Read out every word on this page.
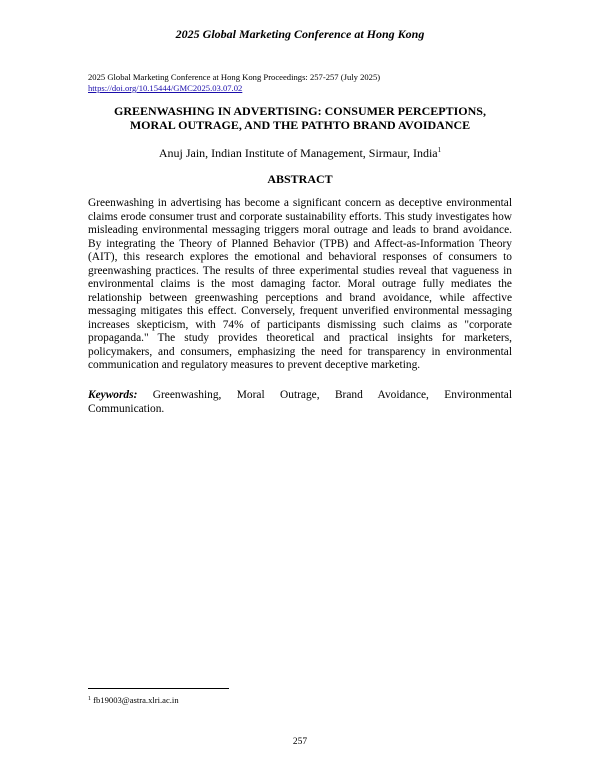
2025 Global Marketing Conference at Hong Kong
2025 Global Marketing Conference at Hong Kong Proceedings: 257-257 (July 2025)
https://doi.org/10.15444/GMC2025.03.07.02
GREENWASHING IN ADVERTISING: CONSUMER PERCEPTIONS,
MORAL OUTRAGE, AND THE PATHTO BRAND AVOIDANCE
Anuj Jain, Indian Institute of Management, Sirmaur, India$^1$
ABSTRACT
Greenwashing in advertising has become a significant concern as deceptive environmental claims erode consumer trust and corporate sustainability efforts. This study investigates how misleading environmental messaging triggers moral outrage and leads to brand avoidance. By integrating the Theory of Planned Behavior (TPB) and Affect-as-Information Theory (AIT), this research explores the emotional and behavioral responses of consumers to greenwashing practices. The results of three experimental studies reveal that vagueness in environmental claims is the most damaging factor. Moral outrage fully mediates the relationship between greenwashing perceptions and brand avoidance, while affective messaging mitigates this effect. Conversely, frequent unverified environmental messaging increases skepticism, with 74% of participants dismissing such claims as "corporate propaganda." The study provides theoretical and practical insights for marketers, policymakers, and consumers, emphasizing the need for transparency in environmental communication and regulatory measures to prevent deceptive marketing.
Keywords: Greenwashing, Moral Outrage, Brand Avoidance, Environmental Communication.
$^1$ fb19003@astra.xlri.ac.in
257
